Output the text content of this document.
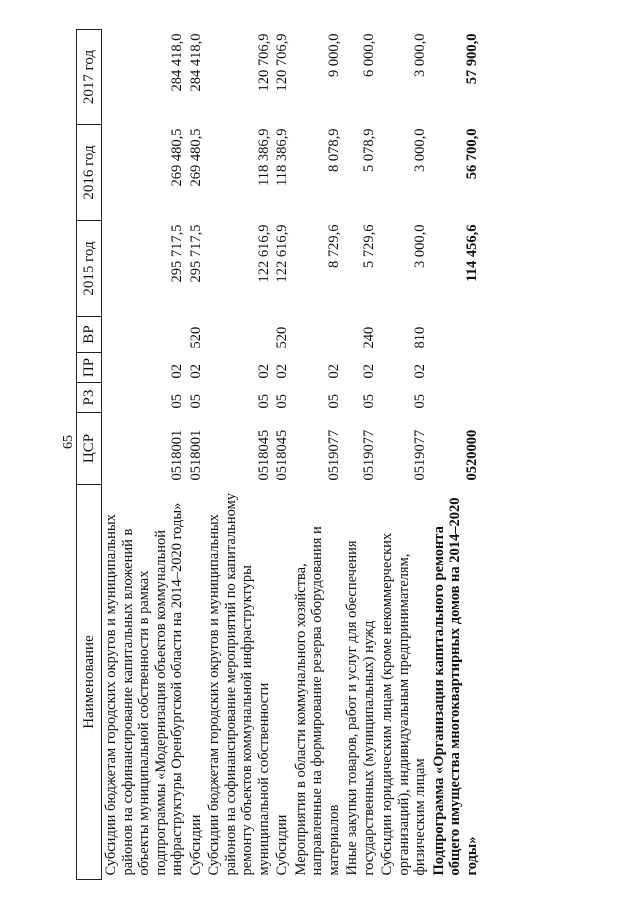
65
Наименование	ЦСР	РЗ	ПР	ВР	2015 год	2016 год	2017 год
Субсидии бюджетам городских округов и муниципальных районов на софинансирование капитальных вложений в объекты муниципальной собственности в рамках подпрограммы «Модернизация объектов коммунальной инфраструктуры Оренбургской области на 2014–2020 годы»	0518001	05	02		295 717,5	269 480,5	284 418,0
Субсидии	0518001	05	02	520	295 717,5	269 480,5	284 418,0
Субсидии бюджетам городских округов и муниципальных районов на софинансирование мероприятий по капитальному ремонту объектов коммунальной инфраструктуры муниципальной собственности	0518045	05	02		122 616,9	118 386,9	120 706,9
Субсидии	0518045	05	02	520	122 616,9	118 386,9	120 706,9
Мероприятия в области коммунального хозяйства, направленные на формирование резерва оборудования и материалов	0519077	05	02		8 729,6	8 078,9	9 000,0
Иные закупки товаров, работ и услуг для обеспечения государственных (муниципальных) нужд	0519077	05	02	240	5 729,6	5 078,9	6 000,0
Субсидии юридическим лицам (кроме некоммерческих организаций), индивидуальным предпринимателям, физическим лицам	0519077	05	02	810	3 000,0	3 000,0	3 000,0
Подпрограмма «Организация капитального ремонта общего имущества многоквартирных домов на 2014–2020 годы»	0520000				114 456,6	56 700,0	57 900,0
